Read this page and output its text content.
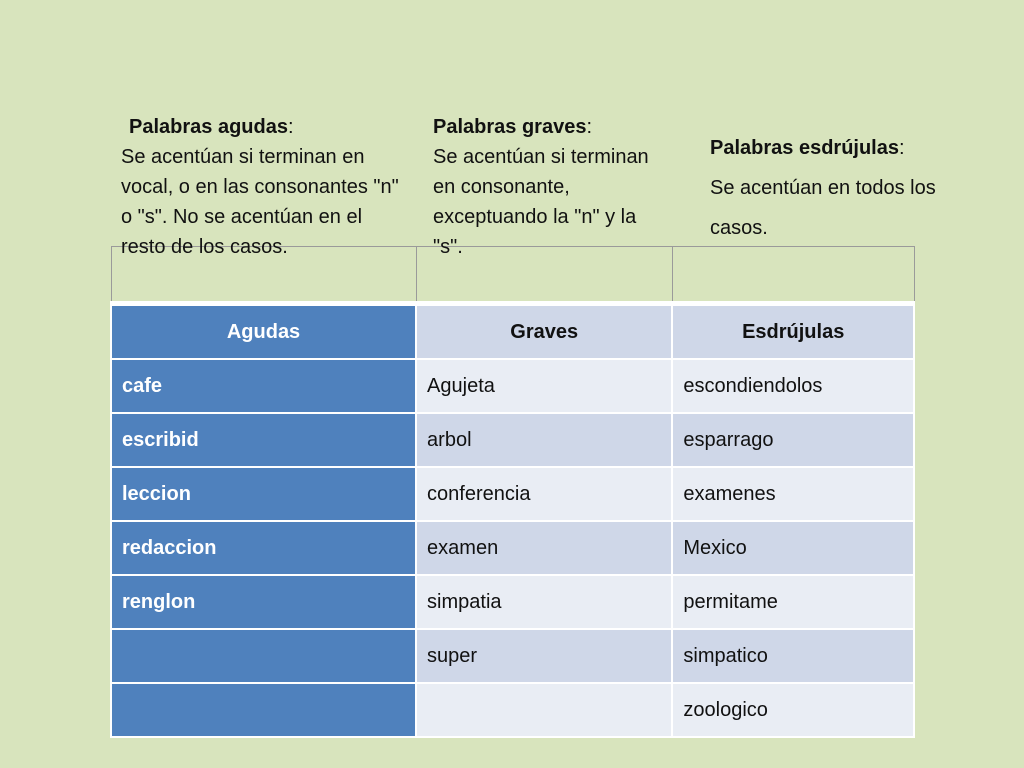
Agudas	Graves	Esdrújulas
cafe	Agujeta	escondiendolos
escribid	arbol	esparrago
leccion	conferencia	examenes
redaccion	examen	Mexico
renglon	simpatia	permitame
	super	simpatico
		zoologico
Palabras agudas:
Se acentúan si terminan en vocal, o en las consonantes "n" o "s". No se acentúan en el resto de los casos.
Palabras graves:
Se acentúan si terminan en consonante, exceptuando la "n" y la "s".
Palabras esdrújulas:
Se acentúan en todos los casos.
